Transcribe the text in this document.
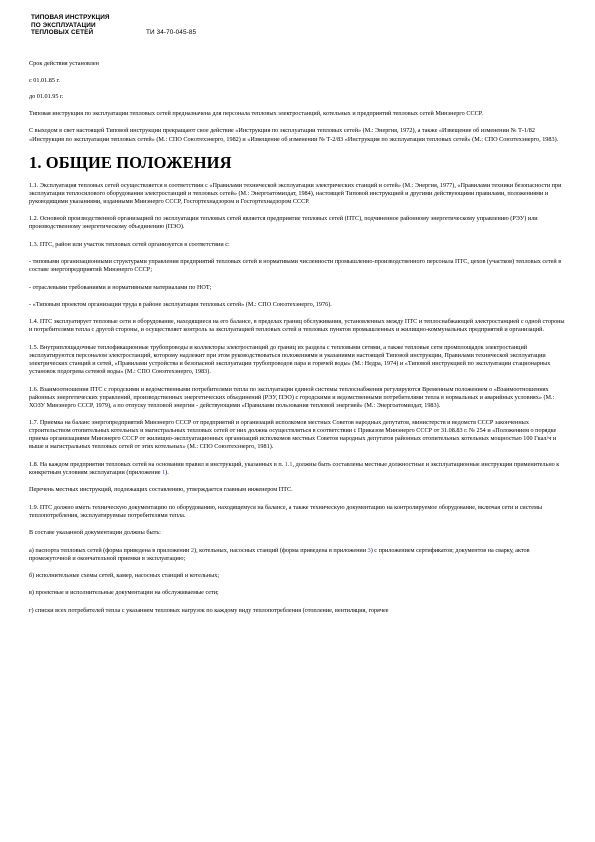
ТИПОВАЯ ИНСТРУКЦИЯ
ПО ЭКСПЛУАТАЦИИ
ТЕПЛОВЫХ СЕТЕЙ	ТИ 34-70-045-85

Срок действия установлен

с 01.01.85 г.

до 01.01.95 г.

Типовая инструкция по эксплуатации тепловых сетей предназначена для персонала тепловых электростанций, котельных и предприятий тепловых сетей Минэнерго СССР.

С выходом в свет настоящей Типовой инструкции прекращают свое действие «Инструкция по эксплуатации тепловых сетей» (М.: Энергия, 1972), а также «Извещение об изменении № Т-1/82 «Инструкция по эксплуатации тепловых сетей» (М.: СПО Союзтехэнерго, 1982) и «Извещение об изменении № Т-2/83 «Инструкция по эксплуатации тепловых сетей» (М.: СПО Союзтехэнерго, 1983).

1. ОБЩИЕ ПОЛОЖЕНИЯ

1.1. Эксплуатация тепловых сетей осуществляется в соответствии с «Правилами технической эксплуатации электрических станций и сетей» (М.: Энергия, 1977), «Правилами техники безопасности при эксплуатации теплосилового оборудования электростанций и тепловых сетей» (М.: Энергоатомиздат, 1984), настоящей Типовой инструкцией и другими действующими правилами, положениями и руководящими указаниями, изданными Минэнерго СССР, Госгортехнадзором и Госгортехнадзором СССР.

1.2. Основной производственной организацией по эксплуатации тепловых сетей является предприятие тепловых сетей (ПТС), подчиненное районному энергетическому управлению (РЭУ) или производственному энергетическому объединению (ПЭО).

1.3. ПТС, район или участок тепловых сетей организуется в соответствии с:

- типовыми организационными структурами управления предприятий тепловых сетей и нормативами численности промышленно-производственного персонала ПТС, цехов (участков) тепловых сетей в составе энергопредприятий Минэнерго СССР;

- отраслевыми требованиями и нормативными материалами по НОТ;

- «Типовым проектом организации труда в районе эксплуатации тепловых сетей» (М.: СПО Союзтехэнерго, 1976).

1.4. ПТС эксплуатирует тепловые сети и оборудование, находящиеся на его балансе, в пределах границ обслуживания, установленных между ПТС и теплоснабжающей электростанцией с одной стороны и потребителями тепла с другой стороны, и осуществляет контроль за эксплуатацией тепловых сетей и тепловых пунктов промышленных и жилищно-коммунальных предприятий и организаций.

1.5. Внутриплощадочные теплофикационные трубопроводы и коллекторы электростанций до границ их раздела с тепловыми сетями, а также тепловые сети промплощадок электростанций эксплуатируются персоналом электростанций, которому надлежит при этом руководствоваться положениями и указаниями настоящей Типовой инструкции, Правилами технической эксплуатации электрических станций и сетей, «Правилами устройства и безопасной эксплуатации трубопроводов пара и горячей воды» (М.: Недра, 1974) и «Типовой инструкцией по эксплуатации стационарных установок подогрева сетевой воды» (М.: СПО Союзтехэнерго, 1983).

1.6. Взаимоотношения ПТС с городскими и ведомственными потребителями тепла по эксплуатации единой системы теплоснабжения регулируются Временным положением о «Взаимоотношениях районных энергетических управлений, производственных энергетических объединений (РЭУ, ПЭО) с городскими и ведомственными потребителями тепла в нормальных и аварийных условиях» (М.: ХОЗУ Минэнерго СССР, 1979), а по отпуску тепловой энергии - действующими «Правилами пользования тепловой энергией» (М.: Энергоатомиздат, 1983).

1.7. Приемка на баланс энергопредприятий Минэнерго СССР от предприятий и организаций исполкомов местных Советов народных депутатов, министерств и ведомств СССР законченных строительством отопительных котельных и магистральных тепловых сетей от них должна осуществляться в соответствии с Приказом Минэнерго СССР от 31.08.83 г. № 254 и «Положением о порядке приема организациями Минэнерго СССР от жилищно-эксплуатационных организаций исполкомов местных Советов народных депутатов районных отопительных котельных мощностью 100 Гкал/ч и выше и магистральных тепловых сетей от этих котельных» (М.: СПО Союзтехэнерго, 1981).

1.8. На каждом предприятии тепловых сетей на основании правил и инструкций, указанных в п. 1.1, должны быть составлены местные должностные и эксплуатационные инструкции применительно к конкретным условиям эксплуатации (приложение 1).

Перечень местных инструкций, подлежащих составлению, утверждается главным инженером ПТС.

1.9. ПТС должно иметь техническую документацию по оборудованию, находящемуся на балансе, а также техническую документацию на контролируемое оборудование, включая сети и системы теплопотребления, эксплуатируемые потребителями тепла.

В составе указанной документации должны быть:

а) паспорта тепловых сетей (форма приведена в приложении 2), котельных, насосных станций (форма приведена в приложении 3) с приложением сертификатов; документов на сварку, актов промежуточной и окончательной приемки в эксплуатацию;

б) исполнительные схемы сетей, камер, насосных станций и котельных;

в) проектные и исполнительные документации на обслуживаемые сети;

г) списки всех потребителей тепла с указанием тепловых нагрузок по каждому виду теплопотребления (отопление, вентиляция, горячее
